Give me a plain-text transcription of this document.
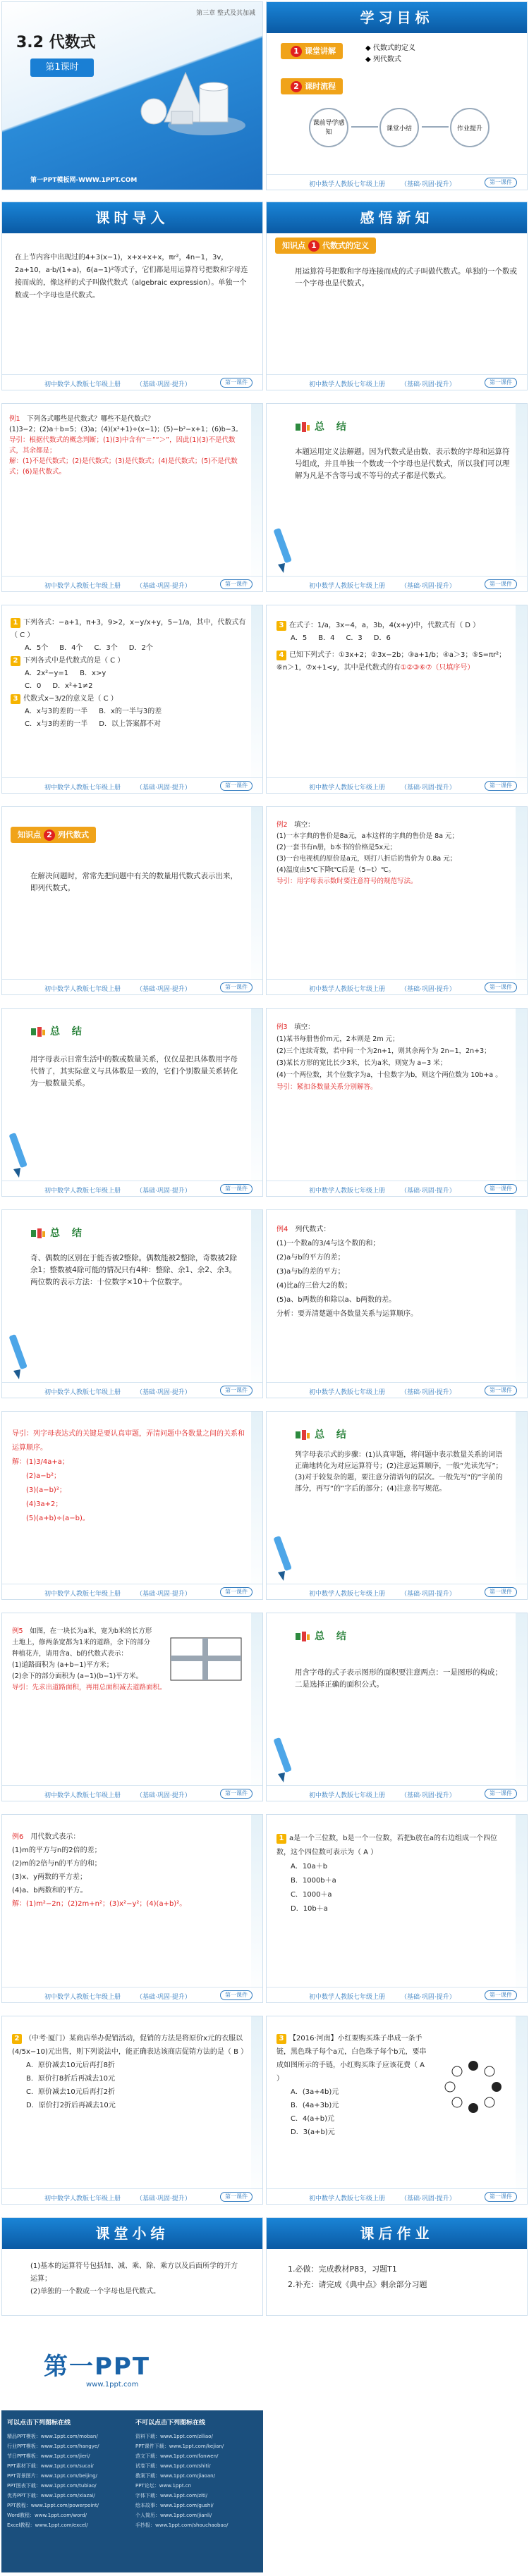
第三章 整式及其加减
3.2 代数式
第1课时
第一PPT模板网-WWW.1PPT.COM
学习目标
1 课堂讲解	◆ 代数式的定义
◆ 列代数式
2 课时流程
课前导学感知	课堂小结	作业提升
初中数学人教版七年级上册 （基础·巩固·提升）	第一课件
课时导入
在上节内容中出现过的4+3(x−1)，x+x+x+x，πr²，4n−1，3v，2a+10，a·b/(1+a)，6(a−1)²等式子，它们都是用运算符号把数和字母连接而成的，像这样的式子叫做代数式（algebraic expression）。单独一个数或一个字母也是代数式。
初中数学人教版七年级上册 （基础·巩固·提升）	第一课件
感悟新知
知识点 1 代数式的定义
用运算符号把数和字母连接而成的式子叫做代数式。单独的一个数或一个字母也是代数式。
初中数学人教版七年级上册 （基础·巩固·提升）	第一课件
例1　 下列各式哪些是代数式？哪些不是代数式？
(1)3−2；(2)a＋b=5；(3)a；(4)(x²+1)÷(x−1)；(5)−b²−x+1；(6)b−3。
导引：根据代数式的概念判断；(1)(3)中含有“＝”“＞”，因此(1)(3)不是代数式，其余都是；
解：(1)不是代数式；(2)是代数式；(3)是代数式；(4)是代数式；(5)不是代数式；(6)是代数式。
初中数学人教版七年级上册 （基础·巩固·提升）	第一课件
总 结
本题运用定义法解题。因为代数式是由数、表示数的字母和运算符号组成，并且单独一个数或一个字母也是代数式，所以我们可以理解为凡是不含等号或不等号的式子都是代数式。
初中数学人教版七年级上册 （基础·巩固·提升）	第一课件
1 下列各式：−a+1，π+3，9>2，x−y/x+y，5−1/a，其中，代数式有（ C ）
A．5个 B．4个 C．3个 D．2个
2 下列各式中是代数式的是（ C ）
A．2x²−y=1 B．x>y
C．0 D．x²+1≠2
3 代数式x−3/2的意义是（ C ）
A．x与3的差的一半 B．x的一半与3的差
C．x与3的差的一半 D．以上答案都不对
初中数学人教版七年级上册 （基础·巩固·提升）	第一课件
3 在式子：1/a，3x−4，a，3b，4(x+y)中，代数式有（ D ）
A．5 B．4 C．3 D．6
4 已知下列式子：①3x+2；②3x−2b；③a+1/b；④a＞3；⑤S=πr²；⑥n＞1，⑦x+1<y，其中是代数式的有①②③⑥⑦（只填序号）
初中数学人教版七年级上册 （基础·巩固·提升）	第一课件
知识点 2 列代数式
在解决问题时，常常先把问题中有关的数量用代数式表示出来，即列代数式。
初中数学人教版七年级上册 （基础·巩固·提升）	第一课件
例2　 填空：
(1)一本字典的售价是8a元，a本这样的字典的售价是 8a 元；
(2)一套书有n册，b本书的价格是5x元；
(3)一台电视机的原价是a元，则打八折后的售价为 0.8a 元；
(4)温度由5℃下降t℃后是（5−t）℃。
导引：用字母表示数时要注意符号的规范写法。
初中数学人教版七年级上册 （基础·巩固·提升）	第一课件
总 结
用字母表示日常生活中的数或数量关系，仅仅是把具体数用字母代替了，其实际意义与具体数是一致的，它们个别数量关系转化为一般数量关系。
初中数学人教版七年级上册 （基础·巩固·提升）	第一课件
例3　 填空：
(1)某书每册售价m元，2本则是 2m 元；
(2)三个连续奇数，若中间一个为2n+1，则其余两个为 2n−1，2n+3；
(3)某长方形的宽比长少3米，长为a米，则宽为 a−3 米；
(4)一个两位数，其个位数字为a，十位数字为b，则这个两位数为 10b+a 。
导引：紧扣各数量关系分别解答。
初中数学人教版七年级上册 （基础·巩固·提升）	第一课件
总 结
奇、偶数的区别在于能否被2整除。偶数能被2整除，奇数被2除余1；整数被4除可能的情况只有4种：整除、余1、余2、余3。两位数的表示方法：十位数字×10＋个位数字。
初中数学人教版七年级上册 （基础·巩固·提升）	第一课件
例4　 列代数式：
(1)一个数a的3/4与这个数的和；
(2)a与b的平方的差；
(3)a与b的差的平方；
(4)比a的三倍大2的数；
(5)a、b两数的和除以a、b两数的差。
分析：要弄清楚题中各数量关系与运算顺序。
初中数学人教版七年级上册 （基础·巩固·提升）	第一课件
导引：列字母表达式的关键是要认真审题，弄清问题中各数量之间的关系和运算顺序。
解：(1)3/4a+a；
(2)a−b²；
(3)(a−b)²；
(4)3a+2；
(5)(a+b)÷(a−b)。
初中数学人教版七年级上册 （基础·巩固·提升）	第一课件
总 结
列字母表示式的步骤：(1)认真审题，将问题中表示数量关系的词语正确地转化为对应运算符号；(2)注意运算顺序，一般“先读先写”；(3)对于较复杂的题，要注意分清语句的层次。一般先写“的”字前的部分，再写“的”字后的部分；(4)注意书写规范。
初中数学人教版七年级上册 （基础·巩固·提升）	第一课件
例5　 如图，在一块长为a米，宽为b米的长方形土地上，修两条宽都为1米的道路，余下的部分种植花卉，请用含a、b的代数式表示：
(1)道路面积为 (a+b−1)平方米；
(2)余下的部分面积为 (a−1)(b−1)平方米。
导引：先求出道路面积，再用总面积减去道路面积。
初中数学人教版七年级上册 （基础·巩固·提升）	第一课件
总 结
用含字母的式子表示图形的面积要注意两点：一是图形的构成；二是选择正确的面积公式。
初中数学人教版七年级上册 （基础·巩固·提升）	第一课件
例6　 用代数式表示：
(1)m的平方与n的2倍的差；
(2)m的2倍与n的平方的和；
(3)x、y两数的平方差；
(4)a、b两数和的平方。
解：(1)m²−2n；(2)2m+n²；(3)x²−y²；(4)(a+b)²。
初中数学人教版七年级上册 （基础·巩固·提升）	第一课件
1 a是一个三位数，b是一个一位数，若把b放在a的右边组成一个四位数，这个四位数可表示为（ A ）
A．10a＋b
B．1000b＋a
C．1000＋a
D．10b＋a
初中数学人教版七年级上册 （基础·巩固·提升）	第一课件
2 （中考·厦门）某商店举办促销活动，促销的方法是将原价x元的衣服以(4/5x−10)元出售，则下列说法中，能正确表达该商店促销方法的是（ B ）
A．原价减去10元后再打8折
B．原价打8折后再减去10元
C．原价减去10元后再打2折
D．原价打2折后再减去10元
初中数学人教版七年级上册 （基础·巩固·提升）	第一课件
3 【2016·河南】小红要购买珠子串成一条手链，黑色珠子每个a元，白色珠子每个b元，要串成如图所示的手链，小红购买珠子应该花费（ A ）
A．(3a+4b)元
B．(4a+3b)元
C．4(a+b)元
D．3(a+b)元
初中数学人教版七年级上册 （基础·巩固·提升）	第一课件
课堂小结
(1)基本的运算符号包括加、减、乘、除、乘方以及后面所学的开方运算；
(2)单独的一个数或一个字母也是代数式。
课后作业
1.必做：完成教材P83，习题T1
2.补充：请完成《典中点》剩余部分习题
第一PPT
www.1ppt.com
可以点击下列图标在线	不可以点击下列图标在线
精品PPT模板：www.1ppt.com/moban/
行业PPT模板：www.1ppt.com/hangye/
节日PPT模板：www.1ppt.com/jieri/
PPT素材下载：www.1ppt.com/sucai/
PPT背景图片：www.1ppt.com/beijing/
PPT图表下载：www.1ppt.com/tubiao/
优秀PPT下载：www.1ppt.com/xiazai/
PPT教程：www.1ppt.com/powerpoint/
Word教程：www.1ppt.com/word/
Excel教程：www.1ppt.com/excel/
资料下载：www.1ppt.com/ziliao/
PPT课件下载：www.1ppt.com/kejian/
范文下载：www.1ppt.com/fanwen/
试卷下载：www.1ppt.com/shiti/
教案下载：www.1ppt.com/jiaoan/
PPT论坛：www.1ppt.cn
字体下载：www.1ppt.com/ziti/
绘本故事：www.1ppt.com/gushi/
个人简历：www.1ppt.com/jianli/
手抄报：www.1ppt.com/shouchaobao/
